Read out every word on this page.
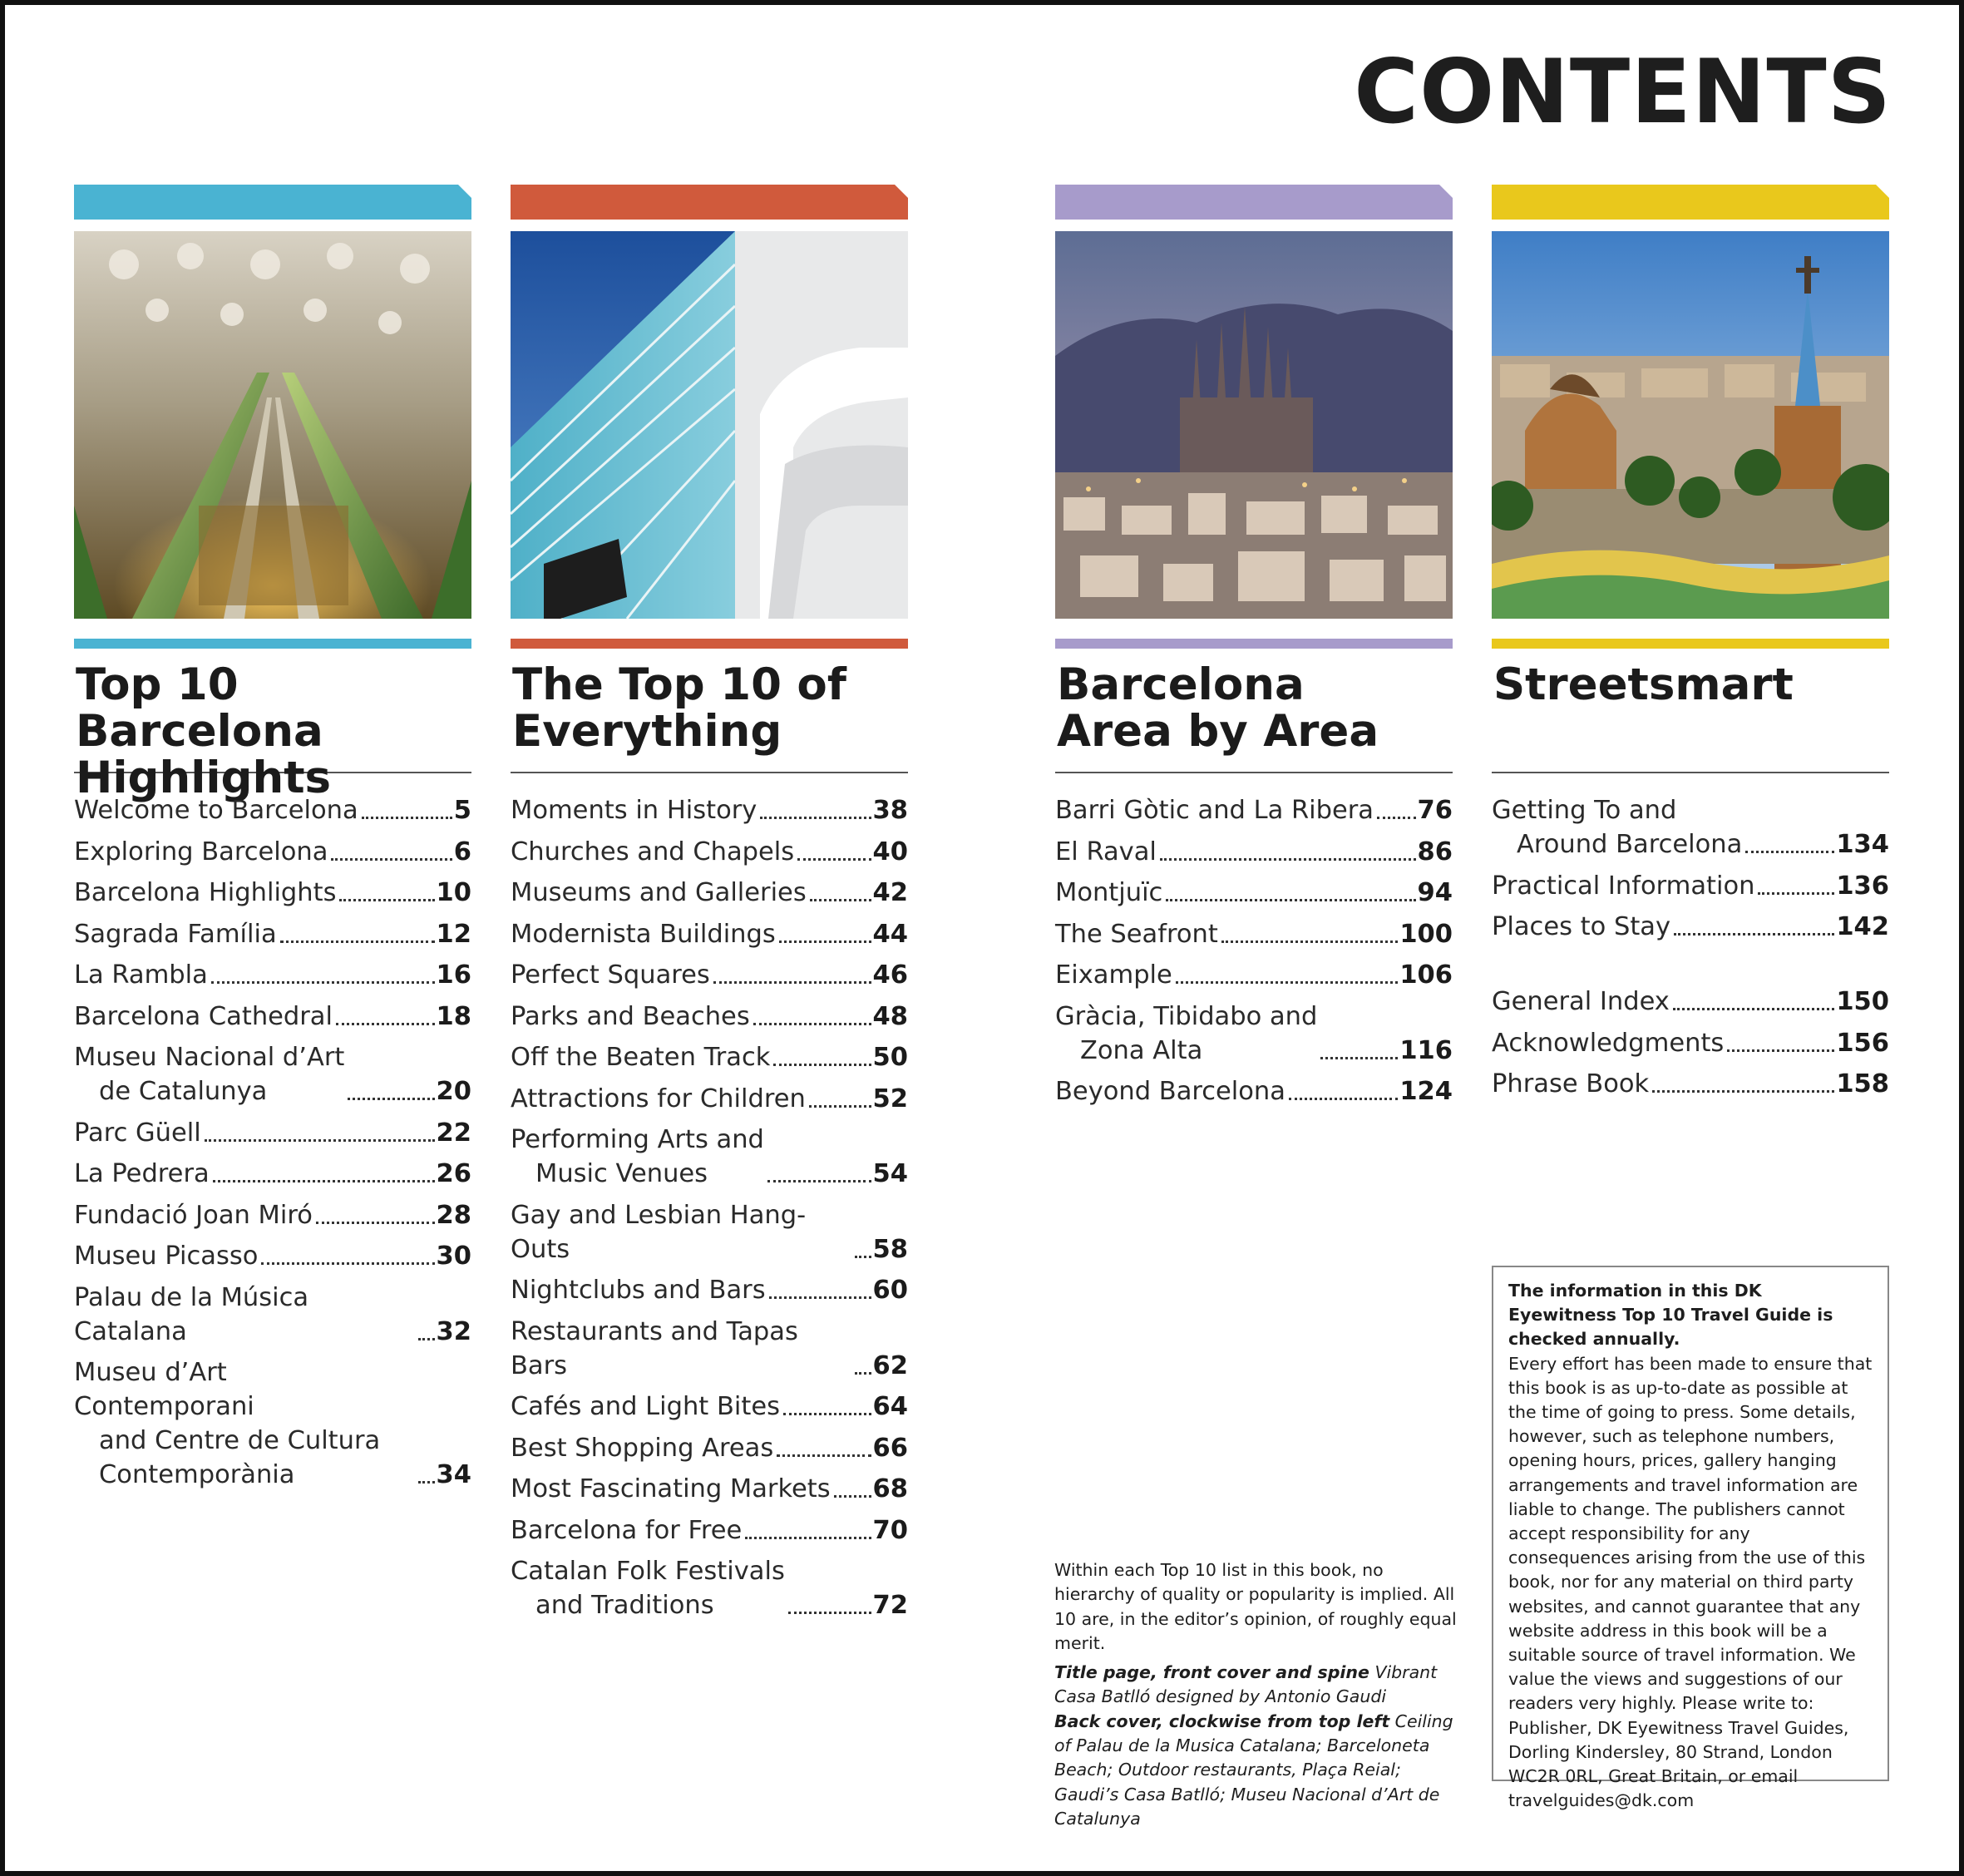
CONTENTS
Top 10 Barcelona
Highlights
Welcome to Barcelona	5
Exploring Barcelona	6
Barcelona Highlights	10
Sagrada Família	12
La Rambla	16
Barcelona Cathedral	18
Museu Nacional d’Art
de Catalunya	20
Parc Güell	22
La Pedrera	26
Fundació Joan Miró	28
Museu Picasso	30
Palau de la Música Catalana	32
Museu d’Art Contemporani
and Centre de Cultura
Contemporània	34
The Top 10 of
Everything
Moments in History	38
Churches and Chapels	40
Museums and Galleries	42
Modernista Buildings	44
Perfect Squares	46
Parks and Beaches	48
Off the Beaten Track	50
Attractions for Children	52
Performing Arts and
Music Venues	54
Gay and Lesbian Hang-Outs	58
Nightclubs and Bars	60
Restaurants and Tapas Bars	62
Cafés and Light Bites	64
Best Shopping Areas	66
Most Fascinating Markets 68
Barcelona for Free	70
Catalan Folk Festivals
and Traditions	72
Barcelona
Area by Area
Barri Gòtic and La Ribera 76
El Raval	86
Montjuïc	94
The Seafront	100
Eixample	106
Gràcia, Tibidabo and
Zona Alta	116
Beyond Barcelona	124
Streetsmart
Getting To and
Around Barcelona	134
Practical Information	136
Places to Stay	142
General Index	150
Acknowledgments	156
Phrase Book	158

Within each Top 10 list in this book, no hierarchy of quality or popularity is implied. All 10 are, in the editor’s opinion, of roughly equal merit.

Title page, front cover and spine Vibrant Casa Batlló designed by Antonio Gaudi

Back cover, clockwise from top left Ceiling of Palau de la Musica Catalana; Barceloneta Beach; Outdoor restaurants, Plaça Reial; Gaudi’s Casa Batlló; Museu Nacional d’Art de Catalunya

The information in this DK Eyewitness Top 10 Travel Guide is checked annually.
Every effort has been made to ensure that this book is as up-to-date as possible at the time of going to press. Some details, however, such as telephone numbers, opening hours, prices, gallery hanging arrangements and travel information are liable to change. The publishers cannot accept responsibility for any consequences arising from the use of this book, nor for any material on third party websites, and cannot guarantee that any website address in this book will be a suitable source of travel information. We value the views and suggestions of our readers very highly. Please write to: Publisher, DK Eyewitness Travel Guides, Dorling Kindersley, 80 Strand, London WC2R 0RL, Great Britain, or email travelguides@dk.com
